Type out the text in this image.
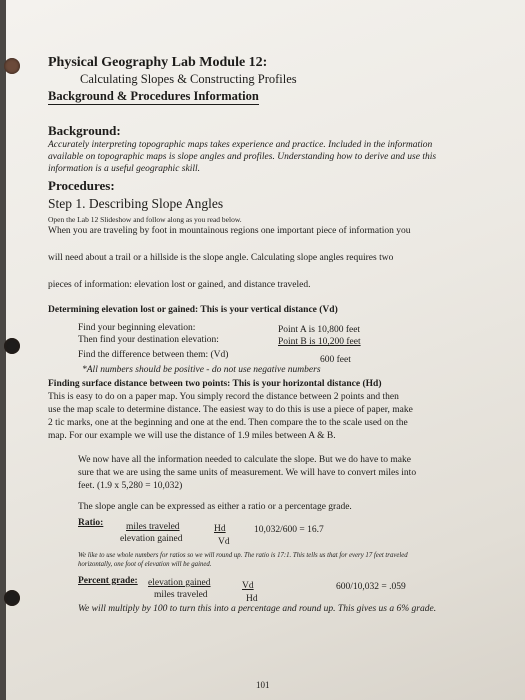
Physical Geography Lab Module 12:
Calculating Slopes & Constructing Profiles
Background & Procedures Information
Background:
Accurately interpreting topographic maps takes experience and practice. Included in the information available on topographic maps is slope angles and profiles. Understanding how to derive and use this information is a useful geographic skill.
Procedures:
Step 1. Describing Slope Angles
Open the Lab 12 Slideshow and follow along as you read below.
When you are traveling by foot in mountainous regions one important piece of information you
will need about a trail or a hillside is the slope angle. Calculating slope angles requires two
pieces of information: elevation lost or gained, and distance traveled.
Determining elevation lost or gained: This is your vertical distance (Vd)
Find your beginning elevation:	Point A is 10,800 feet
Then find your destination elevation:	Point B is 10,200 feet
Find the difference between them: (Vd)	600 feet
*All numbers should be positive - do not use negative numbers
Finding surface distance between two points: This is your horizontal distance (Hd)
This is easy to do on a paper map. You simply record the distance between 2 points and then
use the map scale to determine distance. The easiest way to do this is use a piece of paper, make
2 tic marks, one at the beginning and one at the end. Then compare the to the scale used on the
map. For our example we will use the distance of 1.9 miles between A & B.
We now have all the information needed to calculate the slope. But we do have to make
sure that we are using the same units of measurement. We will have to convert miles into
feet. (1.9 x 5,280 = 10,032)
The slope angle can be expressed as either a ratio or a percentage grade.
Ratio: miles traveled
elevation gained
Hd
Vd
10,032/600 = 16.7
We like to use whole numbers for ratios so we will round up. The ratio is 17:1. This tells us that for every 17 feet traveled
horizontally, one foot of elevation will be gained.
Percent grade: elevation gained
miles traveled
Vd
Hd
600/10,032 = .059
We will multiply by 100 to turn this into a percentage and round up. This gives us a 6% grade.
101
